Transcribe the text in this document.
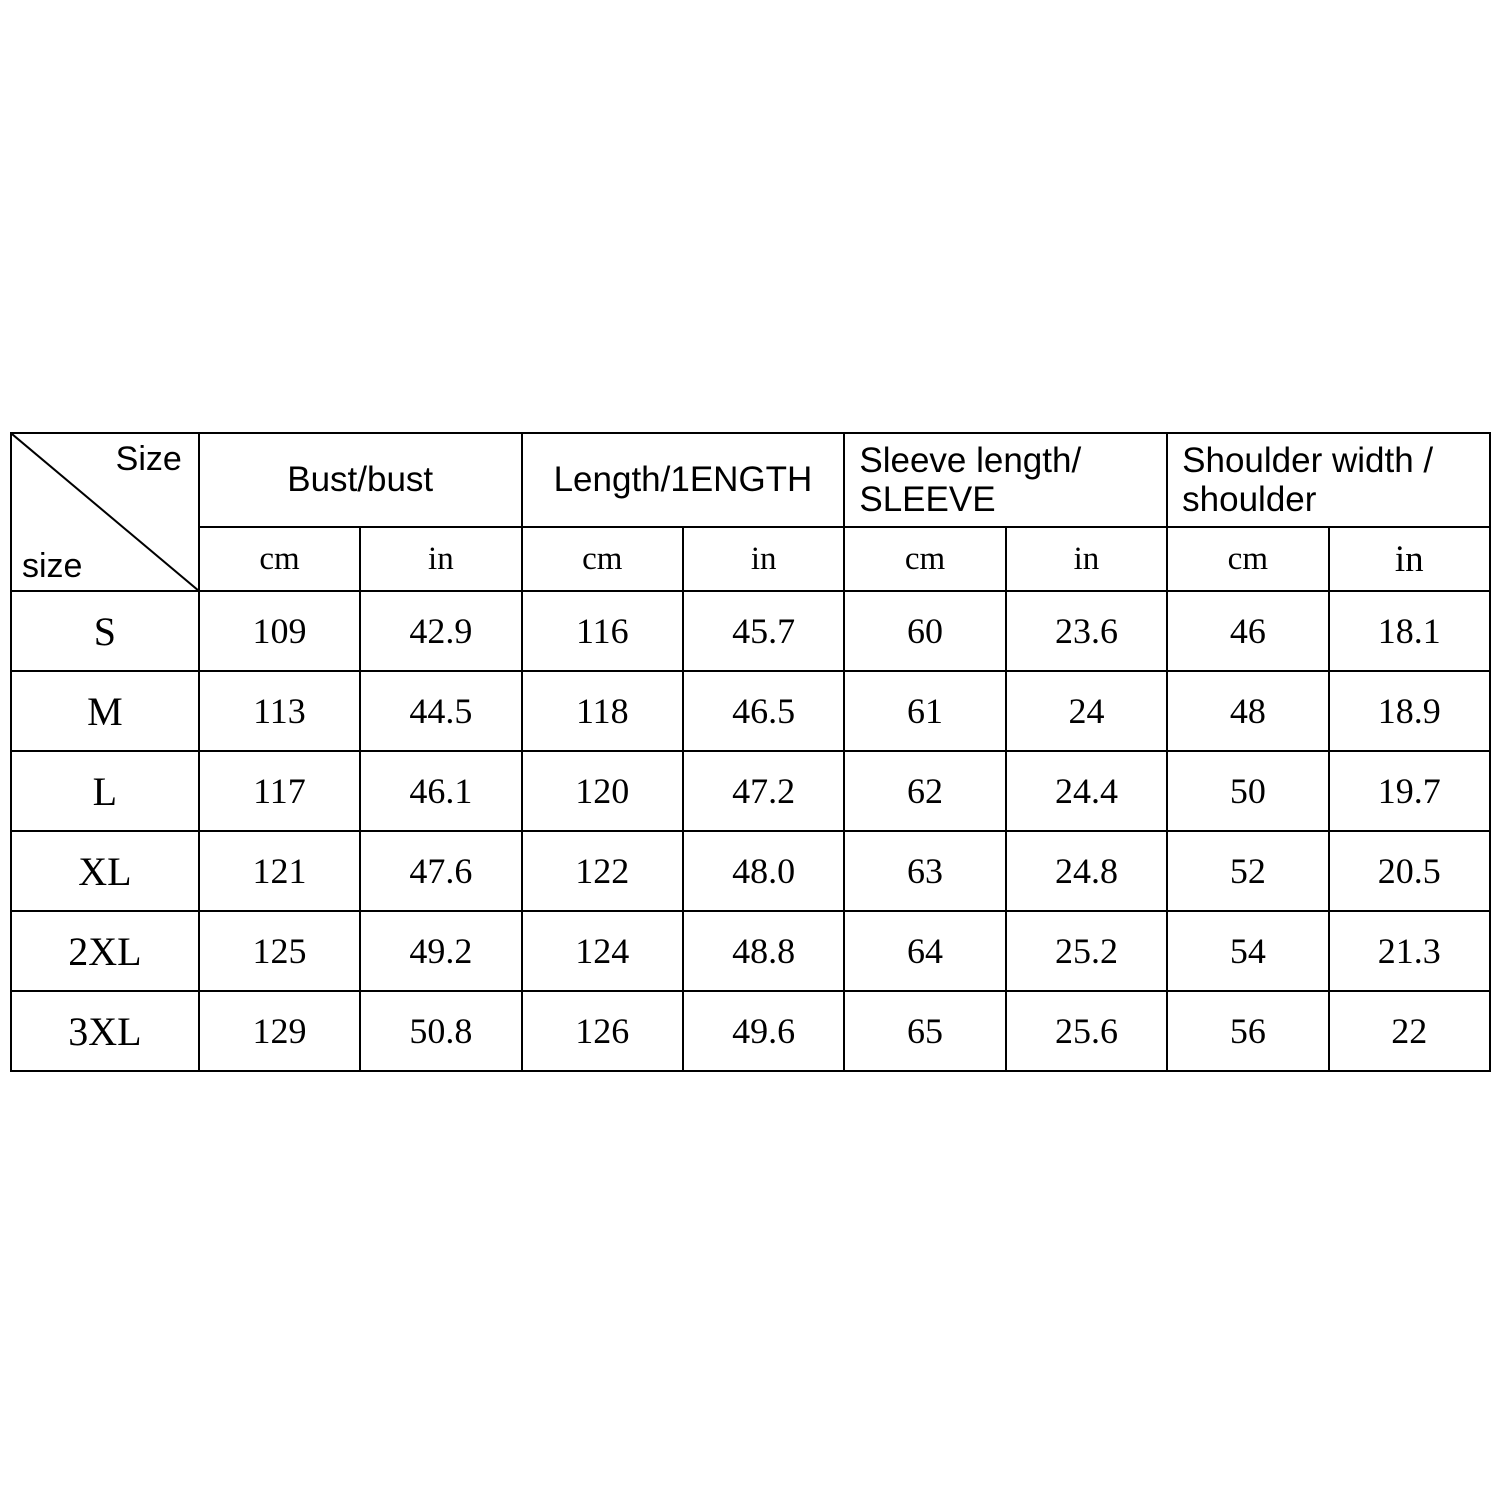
Size
size	Bust/bust		Length/1ENGTH		Sleeve length/ SLEEVE		Shoulder width / shoulder	
	cm	in	cm	in	cm	in	cm	in
S	109	42.9	116	45.7	60	23.6	46	18.1
M	113	44.5	118	46.5	61	24	48	18.9
L	117	46.1	120	47.2	62	24.4	50	19.7
XL	121	47.6	122	48.0	63	24.8	52	20.5
2XL	125	49.2	124	48.8	64	25.2	54	21.3
3XL	129	50.8	126	49.6	65	25.6	56	22
